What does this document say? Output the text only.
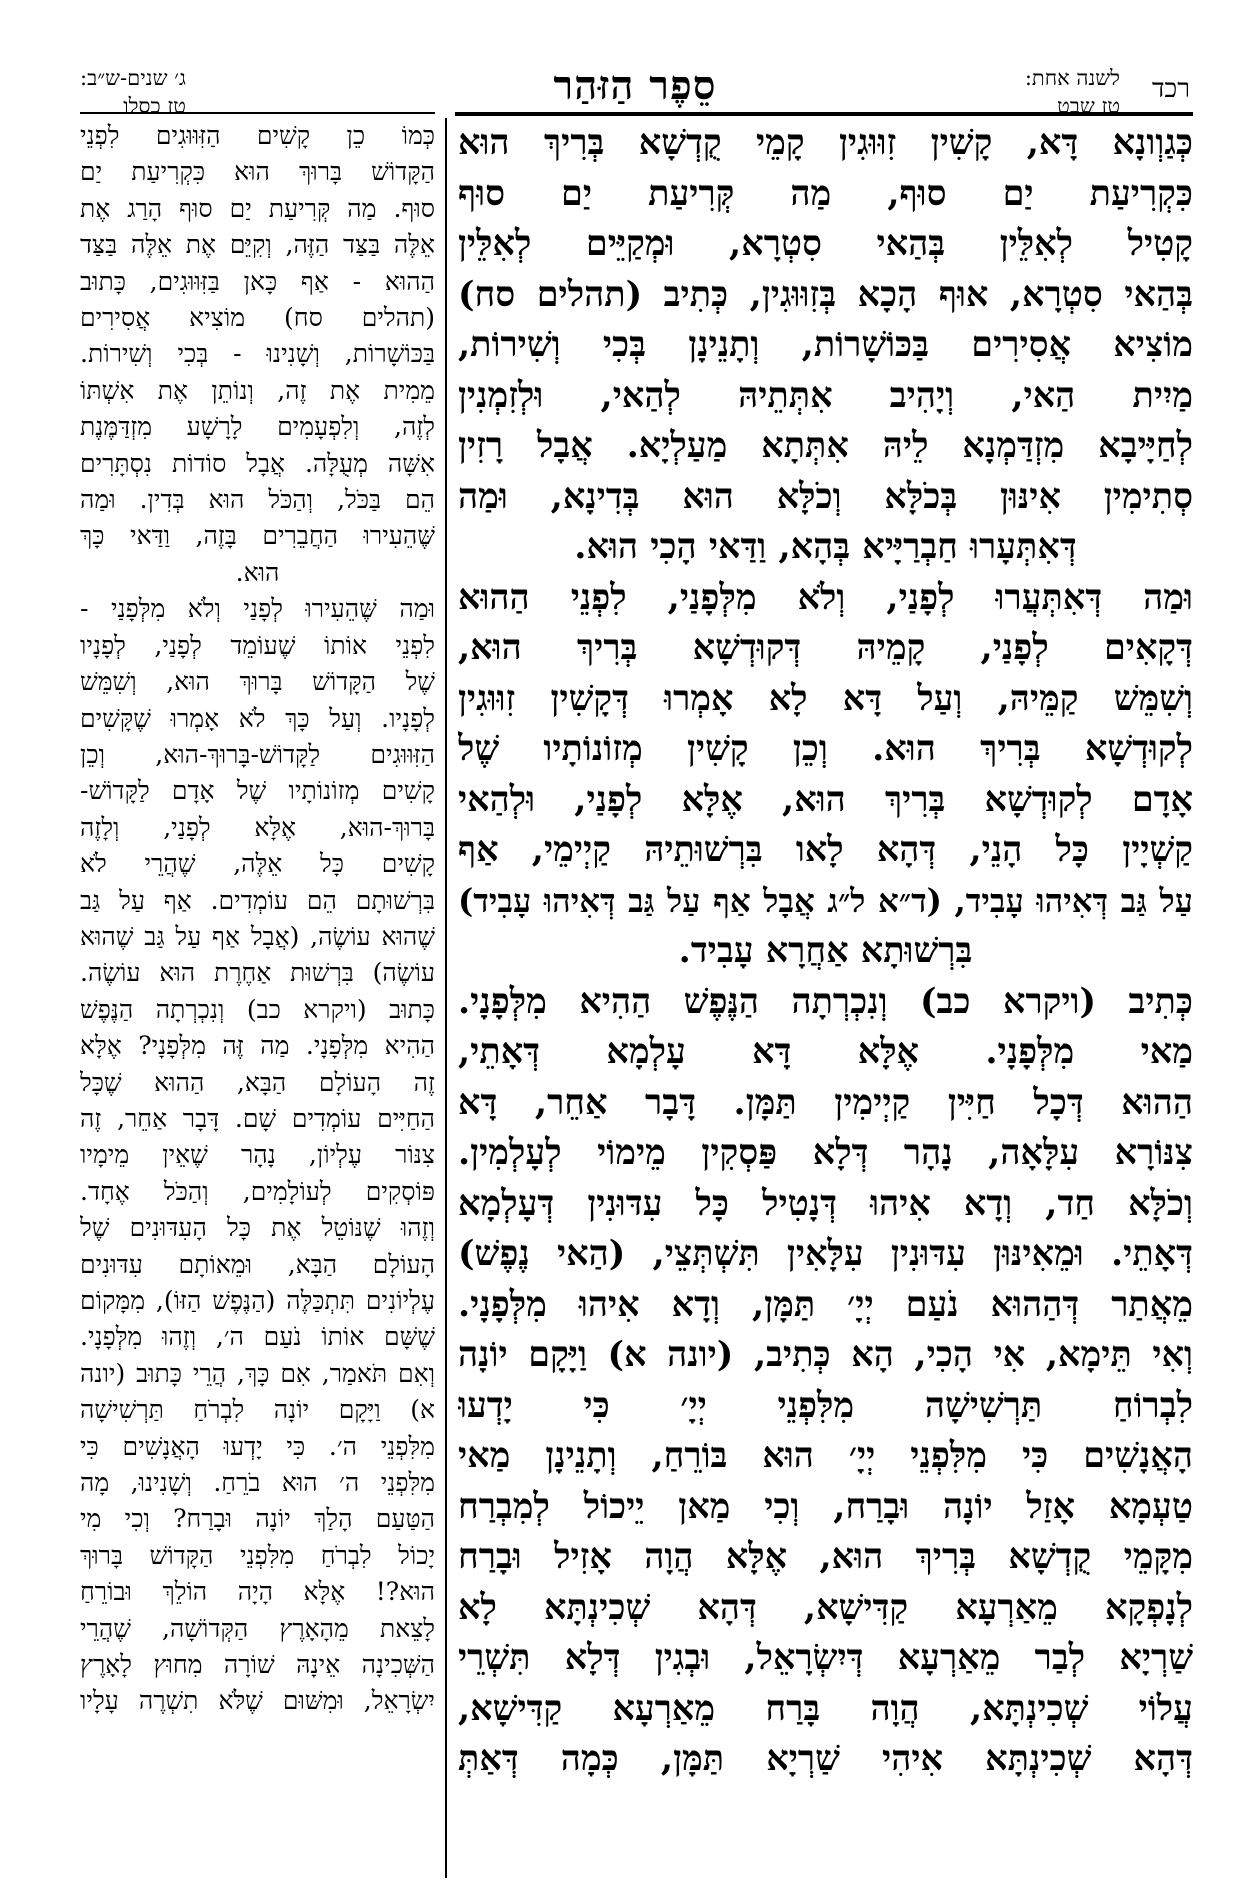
רכד
לשנה אחת:
טז שבט
סֵפֶר הַזּהַר
ג׳ שנים-ש״ב:
טז כסלו
כְּגַוְונָא דָּא, קָשִׁין זִוּוּגִין קָמֵי קֻדְשָׁא בְּרִיךְ הוּא
כִּקְרִיעַת יַם סוּף, מַה קְּרִיעַת יַם סוּף
קָטִיל לְאִלֵּין בְּהַאי סִטְרָא, וּמְקַיֵּים לְאִלֵּין
בְּהַאי סִטְרָא, אוּף הָכָא בְּזִוּוּגִין, כְּתִיב (תהלים סח)
מוֹצִיא אֲסִירִים בַּכּוֹשָׁרוֹת, וְתָנֵינָן בְּכִי וְשִׁירוֹת,
מַיִית הַאי, וְיָהִיב אִתְּתֵיהּ לְהַאי, וּלְזִמְנִין
לְחַיָּיבָא מִזְדַּמְנָא לֵיהּ אִתְּתָא מַעַלְיָא. אֲבָל רָזִין
סְתִימִין אִינּוּן בְּכֹלָּא וְכֹלָּא הוּא בְּדִינָא, וּמַה
דְּאִתְּעָרוּ חַבְרַיָּיא בְּהָא, וַדַּאי הָכִי הוּא.
וּמַה דְּאִתְּעֲרוּ לְפָנַי, וְלֹא מִלְּפָנַי, לִפְנֵי הַהוּא
דְּקָאִים לְפָנַי, קָמֵיהּ דְּקוּדְשָׁא בְּרִיךְ הוּא,
וְשִׁמֵּשׁ קַמֵּיהּ, וְעַל דָּא לָא אָמְרוּ דְּקָשִׁין זִוּוּגִין
לְקוּדְשָׁא בְּרִיךְ הוּא. וְכֵן קָשִׁין מְזוֹנוֹתָיו שֶׁל
אָדָם לְקוּדְשָׁא בְּרִיךְ הוּא, אֶלָּא לְפָנַי, וּלְהַאי
קַשְׁיָין כָּל הָנֵי, דְּהָא לָאו בִּרְשׁוּתֵיהּ קַיְימֵי, אַף
עַל גַּב דְּאִיהוּ עָבִיד, (ד״א ל״ג אֲבָל אַף עַל גַּב דְּאִיהוּ עָבִיד)
בִּרְשׁוּתָא אַחֲרָא עָבִיד.
כְּתִיב (ויקרא כב) וְנִכְרְתָה הַנֶּפֶשׁ הַהִיא מִלְּפָנָי.
מַאי מִלְּפָנָי. אֶלָּא דָּא עָלְמָא דְּאָתֵי,
הַהוּא דְּכָל חַיִּין קַיְימִין תַּמָּן. דָּבָר אַחֵר, דָּא
צִנּוֹרָא עִלָּאָה, נָהָר דְּלָא פַּסְקִין מֵימוֹי לְעָלְמִין.
וְכֹלָּא חַד, וְדָא אִיהוּ דְּנָטִיל כָּל עִדּוּנִין דְּעָלְמָא
דְּאָתֵי. וּמֵאִינּוּן עִדּוּנִין עִלָּאִין תִּשְׁתְּצֵי, (הַאי נֶפֶשׁ)
מֵאֲתַר דְּהַהוּא נֹעַם יְיָ׳ תַּמָּן, וְדָא אִיהוּ מִלְּפָנָי.
וְאִי תֵּימָא, אִי הָכִי, הָא כְּתִיב, (יונה א) וַיָּקָם יוֹנָה
לִבְרוֹחַ תַּרְשִׁישָׁה מִלִּפְנֵי יְיָ׳ כִּי יָדְעוּ
הָאֲנָשִׁים כִּי מִלִּפְנֵי יְיָ׳ הוּא בּוֹרֵחַ, וְתָנֵינָן מַאי
טַעְמָא אָזַל יוֹנָה וּבָרַח, וְכִי מַאן יֵיכוֹל לְמִבְרַח
מִקָּמֵי קֻדְשָׁא בְּרִיךְ הוּא, אֶלָּא הֲוָה אָזִיל וּבָרַח
לְנָפְקָא מֵאַרְעָא קַדִּישָׁא, דְּהָא שְׁכִינְתָּא לָא
שַׁרְיָא לְבַר מֵאַרְעָא דְּיִשְׂרָאֵל, וּבְגִין דְּלָא תִּשְׁרֵי
עֲלוֹי שְׁכִינְתָּא, הֲוָה בָּרַח מֵאַרְעָא קַדִּישָׁא,
דְּהָא שְׁכִינְתָּא אִיהִי שַׁרְיָא תַּמָּן, כְּמָה דְּאַתְּ
כְּמוֹ כֵן קָשִׁים הַזִּוּוּגִים לִפְנֵי
הַקָּדוֹשׁ בָּרוּךְ הוּא כִּקְרִיעַת יַם
סוּף. מַה קְּרִיעַת יַם סוּף הָרַג אֶת
אֵלֶּה בַּצַּד הַזֶּה, וְקִיֵּם אֶת אֵלֶּה בַּצַּד
הַהוּא - אַף כָּאן בַּזִּוּוּגִים, כָּתוּב
(תהלים סח) מוֹצִיא אֲסִירִים
בַּכּוֹשָׁרוֹת, וְשָׁנִינוּ - בְּכִי וְשִׁירוֹת.
מֵמִית אֶת זֶה, וְנוֹתֵן אֶת אִשְׁתּוֹ
לְזֶה, וְלִפְעָמִים לָרָשָׁע מִזְדַּמֶּנֶת
אִשָּׁה מְעֻלָּה. אֲבָל סוֹדוֹת נִסְתָּרִים
הֵם בַּכֹּל, וְהַכֹּל הוּא בְּדִין. וּמַה
שֶּׁהֵעִירוּ הַחֲבֵרִים בָּזֶה, וַדַּאי כָּךְ
הוּא.
וּמַה שֶּׁהֵעִירוּ לְפָנַי וְלֹא מִלְּפָנַי -
לִפְנֵי אוֹתוֹ שֶׁעוֹמֵד לְפָנַי, לְפָנָיו
שֶׁל הַקָּדוֹשׁ בָּרוּךְ הוּא, וְשִׁמֵּשׁ
לְפָנָיו. וְעַל כָּךְ לֹא אָמְרוּ שֶׁקָּשִׁים
הַזִּוּוּגִים לַקָּדוֹשׁ-בָּרוּךְ-הוּא, וְכֵן
קָשִׁים מְזוֹנוֹתָיו שֶׁל אָדָם לַקָּדוֹשׁ-
בָּרוּךְ-הוּא, אֶלָּא לְפָנַי, וְלָזֶה
קָשִׁים כָּל אֵלֶּה, שֶׁהֲרֵי לֹא
בִּרְשׁוּתָם הֵם עוֹמְדִים. אַף עַל גַּב
שֶׁהוּא עוֹשֶׂה, (אֲבָל אַף עַל גַּב שֶׁהוּא
עוֹשֶׂה) בִּרְשׁוּת אַחֶרֶת הוּא עוֹשֶׂה.
כָּתוּב (ויקרא כב) וְנִכְרְתָה הַנֶּפֶשׁ
הַהִיא מִלְּפָנָי. מַה זֶּה מִלְּפָנָי? אֶלָּא
זֶה הָעוֹלָם הַבָּא, הַהוּא שֶׁכָּל
הַחַיִּים עוֹמְדִים שָׁם. דָּבָר אַחֵר, זֶה
צִנּוֹר עֶלְיוֹן, נָהָר שֶׁאֵין מֵימָיו
פּוֹסְקִים לְעוֹלָמִים, וְהַכֹּל אֶחָד.
וְזֶהוּ שֶׁנּוֹטֵל אֶת כָּל הָעִדּוּנִים שֶׁל
הָעוֹלָם הַבָּא, וּמֵאוֹתָם עִדּוּנִים
עֶלְיוֹנִים תִּתְכַּלֶּה (הַנֶּפֶשׁ הַזּוֹ), מִמָּקוֹם
שֶׁשָּׁם אוֹתוֹ נֹעַם ה׳, וְזֶהוּ מִלְּפָנָי.
וְאִם תֹּאמַר, אִם כָּךְ, הֲרֵי כָּתוּב (יונה
א) וַיָּקָם יוֹנָה לִבְרֹחַ תַּרְשִׁישָׁה
מִלִּפְנֵי ה׳. כִּי יָדְעוּ הָאֲנָשִׁים כִּי
מִלִּפְנֵי ה׳ הוּא בֹרֵחַ. וְשָׁנִינוּ, מָה
הַטַּעַם הָלַךְ יוֹנָה וּבָרַח? וְכִי מִי
יָכוֹל לִבְרֹחַ מִלִּפְנֵי הַקָּדוֹשׁ בָּרוּךְ
הוּא?! אֶלָּא הָיָה הוֹלֵךְ וּבוֹרֵחַ
לָצֵאת מֵהָאָרֶץ הַקְּדוֹשָׁה, שֶׁהֲרֵי
הַשְּׁכִינָה אֵינָהּ שׁוֹרָה מִחוּץ לָאָרֶץ
יִשְׂרָאֵל, וּמִשּׁוּם שֶׁלֹּא תִשְׁרֶה עָלָיו
